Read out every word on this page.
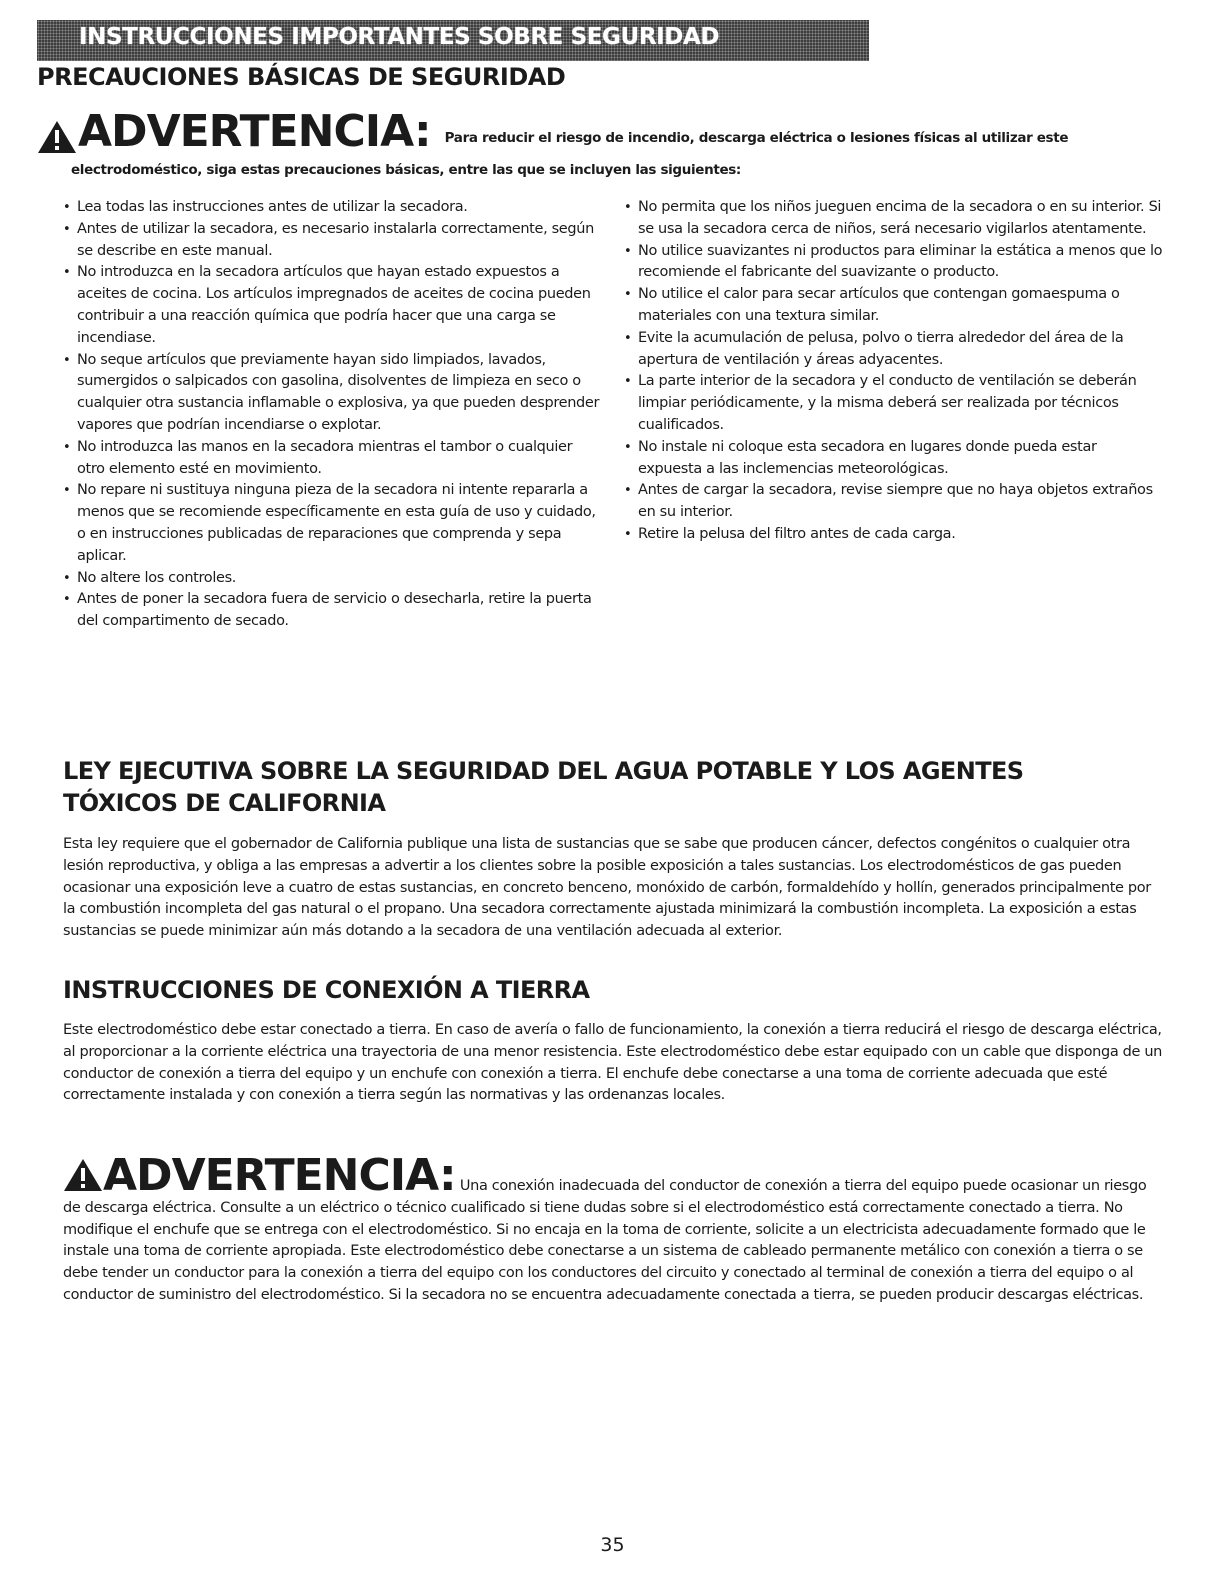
INSTRUCCIONES IMPORTANTES SOBRE SEGURIDAD
PRECAUCIONES BÁSICAS DE SEGURIDAD
ADVERTENCIA: Para reducir el riesgo de incendio, descarga eléctrica o lesiones físicas al utilizar este
electrodoméstico, siga estas precauciones básicas, entre las que se incluyen las siguientes:
• Lea todas las instrucciones antes de utilizar la secadora.
• Antes de utilizar la secadora, es necesario instalarla correctamente, según se describe en este manual.
• No introduzca en la secadora artículos que hayan estado expuestos a aceites de cocina. Los artículos impregnados de aceites de cocina pueden contribuir a una reacción química que podría hacer que una carga se incendiase.
• No seque artículos que previamente hayan sido limpiados, lavados, sumergidos o salpicados con gasolina, disolventes de limpieza en seco o cualquier otra sustancia inflamable o explosiva, ya que pueden desprender vapores que podrían incendiarse o explotar.
• No introduzca las manos en la secadora mientras el tambor o cualquier otro elemento esté en movimiento.
• No repare ni sustituya ninguna pieza de la secadora ni intente repararla a menos que se recomiende específicamente en esta guía de uso y cuidado, o en instrucciones publicadas de reparaciones que comprenda y sepa aplicar.
• No altere los controles.
• Antes de poner la secadora fuera de servicio o desecharla, retire la puerta del compartimento de secado.
• No permita que los niños jueguen encima de la secadora o en su interior. Si se usa la secadora cerca de niños, será necesario vigilarlos atentamente.
• No utilice suavizantes ni productos para eliminar la estática a menos que lo recomiende el fabricante del suavizante o producto.
• No utilice el calor para secar artículos que contengan gomaespuma o materiales con una textura similar.
• Evite la acumulación de pelusa, polvo o tierra alrededor del área de la apertura de ventilación y áreas adyacentes.
• La parte interior de la secadora y el conducto de ventilación se deberán limpiar periódicamente, y la misma deberá ser realizada por técnicos cualificados.
• No instale ni coloque esta secadora en lugares donde pueda estar expuesta a las inclemencias meteorológicas.
• Antes de cargar la secadora, revise siempre que no haya objetos extraños en su interior.
• Retire la pelusa del filtro antes de cada carga.
LEY EJECUTIVA SOBRE LA SEGURIDAD DEL AGUA POTABLE Y LOS AGENTES TÓXICOS DE CALIFORNIA

Esta ley requiere que el gobernador de California publique una lista de sustancias que se sabe que producen cáncer, defectos congénitos o cualquier otra lesión reproductiva, y obliga a las empresas a advertir a los clientes sobre la posible exposición a tales sustancias. Los electrodomésticos de gas pueden ocasionar una exposición leve a cuatro de estas sustancias, en concreto benceno, monóxido de carbón, formaldehído y hollín, generados principalmente por la combustión incompleta del gas natural o el propano. Una secadora correctamente ajustada minimizará la combustión incompleta. La exposición a estas sustancias se puede minimizar aún más dotando a la secadora de una ventilación adecuada al exterior.

INSTRUCCIONES DE CONEXIÓN A TIERRA

Este electrodoméstico debe estar conectado a tierra. En caso de avería o fallo de funcionamiento, la conexión a tierra reducirá el riesgo de descarga eléctrica, al proporcionar a la corriente eléctrica una trayectoria de una menor resistencia. Este electrodoméstico debe estar equipado con un cable que disponga de un conductor de conexión a tierra del equipo y un enchufe con conexión a tierra. El enchufe debe conectarse a una toma de corriente adecuada que esté correctamente instalada y con conexión a tierra según las normativas y las ordenanzas locales.

ADVERTENCIA: Una conexión inadecuada del conductor de conexión a tierra del equipo puede ocasionar un riesgo de descarga eléctrica. Consulte a un eléctrico o técnico cualificado si tiene dudas sobre si el electrodoméstico está correctamente conectado a tierra. No modifique el enchufe que se entrega con el electrodoméstico. Si no encaja en la toma de corriente, solicite a un electricista adecuadamente formado que le instale una toma de corriente apropiada. Este electrodoméstico debe conectarse a un sistema de cableado permanente metálico con conexión a tierra o se debe tender un conductor para la conexión a tierra del equipo con los conductores del circuito y conectado al terminal de conexión a tierra del equipo o al conductor de suministro del electrodoméstico. Si la secadora no se encuentra adecuadamente conectada a tierra, se pueden producir descargas eléctricas.

35
